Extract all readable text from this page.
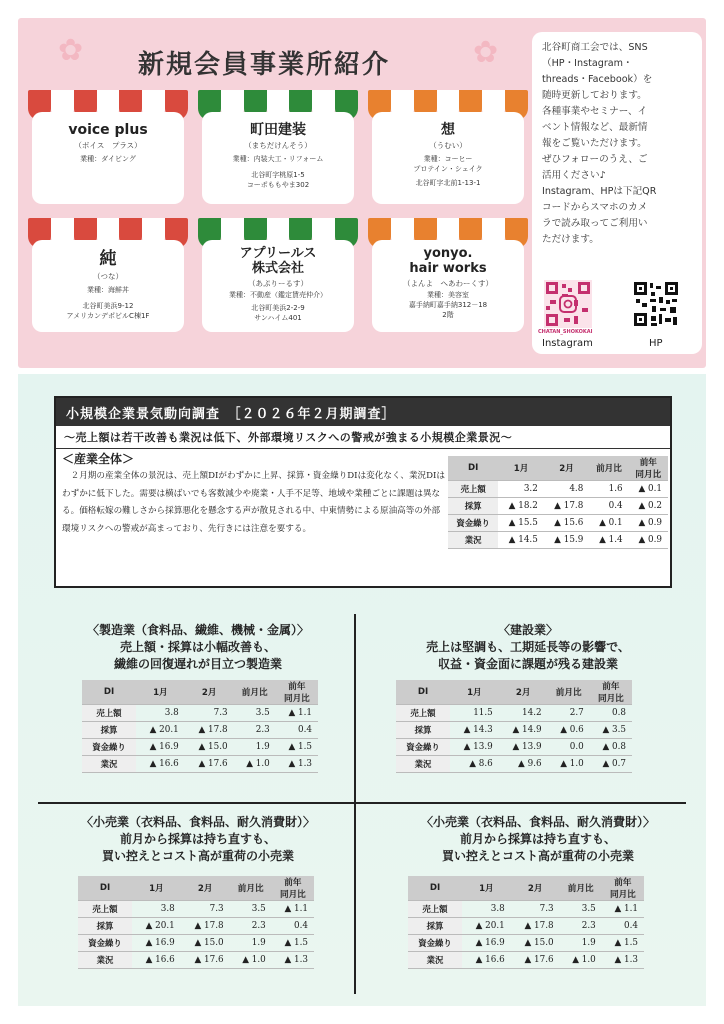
✿	✿
新規会員事業所紹介
voice plus
（ボイス　プラス）
業種：ダイビング
町田建装
（まちだけんそう）
業種：内装大工・リフォーム
北谷町字桃原1-5
コーポももやま302
想
（うむい）
業種：コーヒー
プロテイン・シェイク
北谷町字北前1-13-1
純
（つな）
業種：海鮮丼
北谷町美浜9-12
アメリカンデポビルC棟1F
アプリールス
株式会社
（あぷりーるす）
業種：不動産（鑑定賃売仲介）
北谷町美浜2-2-9
サンハイム401
yonyo.
hair works
（よんよ　へあわーくす）
業種：美容室
嘉手納町嘉手納312－18
2階
北谷町商工会では、SNS
（HP・Instagram・
threads・Facebook）を
随時更新しております。
各種事業やセミナー、イ
ベント情報など、最新情
報をご覧いただけます。
ぜひフォローのうえ、ご
活用ください♪
Instagram、HPは下記QR
コードからスマホのカメ
ラで読み取ってご利用い
ただけます。
CHATAN_SHOKOKAI
Instagram	HP
小規模企業景気動向調査　［２０２６年２月期調査］
～売上額は若干改善も業況は低下、外部環境リスクへの警戒が強まる小規模企業景況～
＜産業全体＞
２月期の産業全体の景況は、売上額DIがわずかに上昇、採算・資金繰りDIは変化なく、業況DIはわずかに低下した。需要は横ばいでも客数減少や廃業・人手不足等、地域や業種ごとに課題は異なる。価格転嫁の難しさから採算悪化を懸念する声が散見される中、中東情勢による原油高等の外部環境リスクへの警戒が高まっており、先行きには注意を要する。
DI	1月	2月	前月比	前年
同月比
売上額	3.2	4.8	1.6	▲ 0.1
採算	▲ 18.2	▲ 17.8	0.4	▲ 0.2
資金繰り	▲ 15.5	▲ 15.6	▲ 0.1	▲ 0.9
業況	▲ 14.5	▲ 15.9	▲ 1.4	▲ 0.9
〈製造業（食料品、繊維、機械・金属）〉
売上額・採算は小幅改善も、
繊維の回復遅れが目立つ製造業
DI	1月	2月	前月比	前年
同月比
売上額	3.8	7.3	3.5	▲ 1.1
採算	▲ 20.1	▲ 17.8	2.3	0.4
資金繰り	▲ 16.9	▲ 15.0	1.9	▲ 1.5
業況	▲ 16.6	▲ 17.6	▲ 1.0	▲ 1.3
〈建設業〉
売上は堅調も、工期延長等の影響で、
収益・資金面に課題が残る建設業
DI	1月	2月	前月比	前年
同月比
売上額	11.5	14.2	2.7	0.8
採算	▲ 14.3	▲ 14.9	▲ 0.6	▲ 3.5
資金繰り	▲ 13.9	▲ 13.9	0.0	▲ 0.8
業況	▲ 8.6	▲ 9.6	▲ 1.0	▲ 0.7
〈小売業（衣料品、食料品、耐久消費財）〉
前月から採算は持ち直すも、
買い控えとコスト高が重荷の小売業
DI	1月	2月	前月比	前年
同月比
売上額	3.8	7.3	3.5	▲ 1.1
採算	▲ 20.1	▲ 17.8	2.3	0.4
資金繰り	▲ 16.9	▲ 15.0	1.9	▲ 1.5
業況	▲ 16.6	▲ 17.6	▲ 1.0	▲ 1.3
〈小売業（衣料品、食料品、耐久消費財）〉
前月から採算は持ち直すも、
買い控えとコスト高が重荷の小売業
DI	1月	2月	前月比	前年
同月比
売上額	3.8	7.3	3.5	▲ 1.1
採算	▲ 20.1	▲ 17.8	2.3	0.4
資金繰り	▲ 16.9	▲ 15.0	1.9	▲ 1.5
業況	▲ 16.6	▲ 17.6	▲ 1.0	▲ 1.3
